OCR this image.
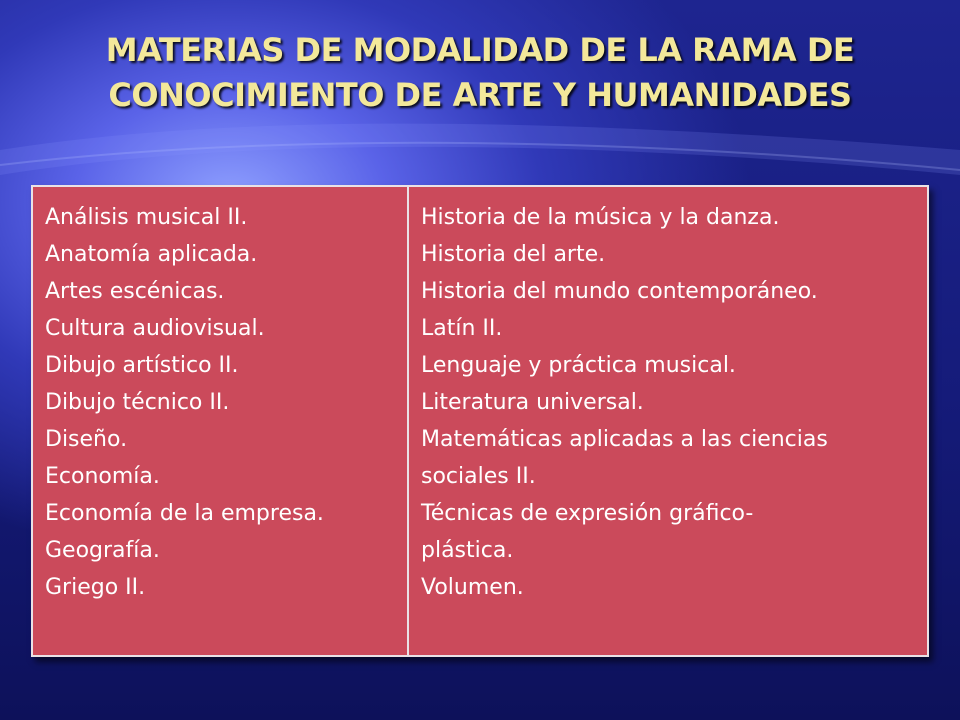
MATERIAS DE MODALIDAD DE LA RAMA DE
CONOCIMIENTO DE ARTE Y HUMANIDADES
Análisis musical II.
Anatomía aplicada.
Artes escénicas.
Cultura audiovisual.
Dibujo artístico II.
Dibujo técnico II.
Diseño.
Economía.
Economía de la empresa.
Geografía.
Griego II.
Historia de la música y la danza.
Historia del arte.
Historia del mundo contemporáneo.
Latín II.
Lenguaje y práctica musical.
Literatura universal.
Matemáticas aplicadas a las ciencias
sociales II.
Técnicas de expresión gráfico-
plástica.
Volumen.
